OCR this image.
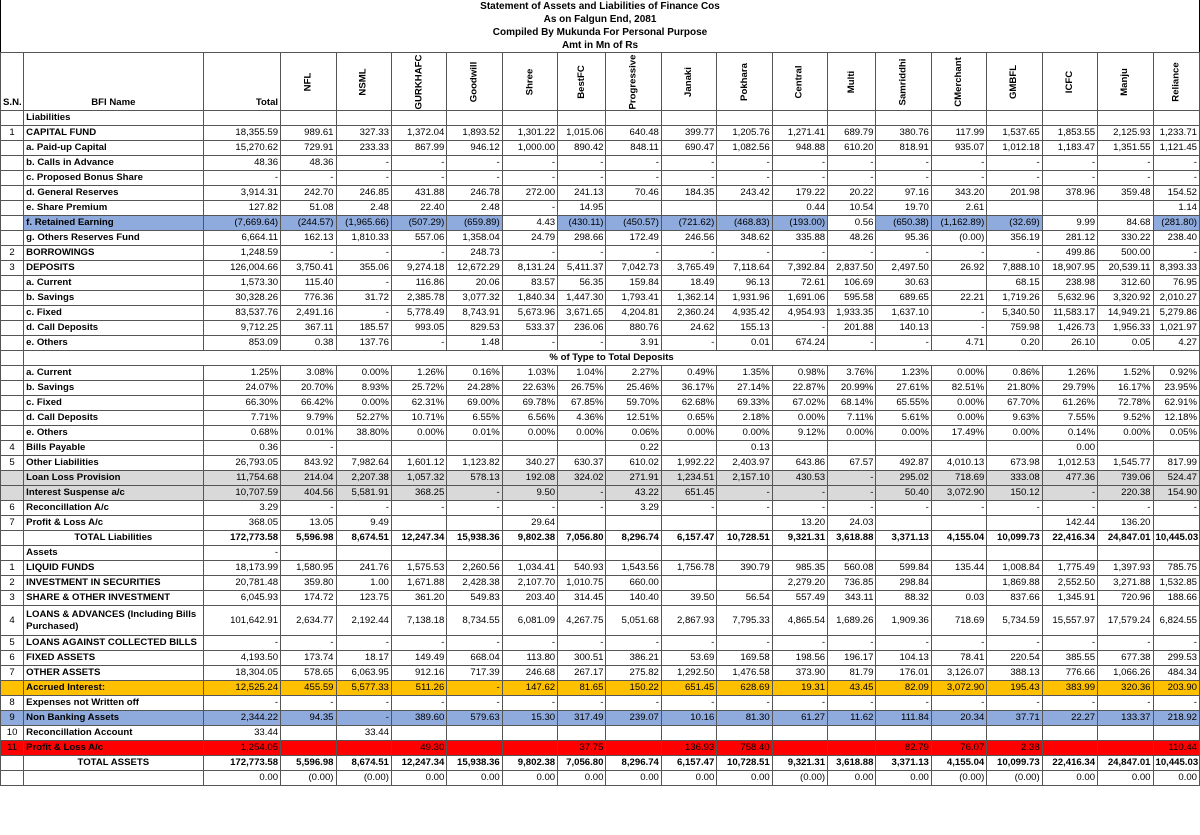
Statement of Assets and Liabilities of Finance Cos
As on Falgun End, 2081
Compiled By Mukunda For Personal Purpose
Amt in Mn of Rs
S.N.	BFI Name	Total	NFL	NSML	GURKHAFC	Goodwill	Shree	BestFC	Progressive	Janaki	Pokhara	Central	Multi	Samriddhi	CMerchant	GMBFL	ICFC	Manju	Reliance
	Liabilities																		
1	CAPITAL FUND	18,355.59	989.61	327.33	1,372.04	1,893.52	1,301.22	1,015.06	640.48	399.77	1,205.76	1,271.41	689.79	380.76	117.99	1,537.65	1,853.55	2,125.93	1,233.71
	a. Paid-up Capital	15,270.62	729.91	233.33	867.99	946.12	1,000.00	890.42	848.11	690.47	1,082.56	948.88	610.20	818.91	935.07	1,012.18	1,183.47	1,351.55	1,121.45
	b. Calls in Advance	48.36	48.36	-	-	-	-	-	-	-	-	-	-	-	-	-	-	-	-
	c. Proposed Bonus Share	-	-	-	-	-	-	-	-	-	-	-	-	-	-	-	-	-	-
	d. General Reserves	3,914.31	242.70	246.85	431.88	246.78	272.00	241.13	70.46	184.35	243.42	179.22	20.22	97.16	343.20	201.98	378.96	359.48	154.52
	e. Share Premium	127.82	51.08	2.48	22.40	2.48	-	14.95				0.44	10.54	19.70	2.61				1.14
	f. Retained Earning	(7,669.64)	(244.57)	(1,965.66)	(507.29)	(659.89)	4.43	(430.11)	(450.57)	(721.62)	(468.83)	(193.00)	0.56	(650.38)	(1,162.89)	(32.69)	9.99	84.68	(281.80)
	g. Others Reserves Fund	6,664.11	162.13	1,810.33	557.06	1,358.04	24.79	298.66	172.49	246.56	348.62	335.88	48.26	95.36	(0.00)	356.19	281.12	330.22	238.40
2	BORROWINGS	1,248.59	-	-	-	248.73	-	-	-	-	-	-	-	-	-	-	499.86	500.00	-
3	DEPOSITS	126,004.66	3,750.41	355.06	9,274.18	12,672.29	8,131.24	5,411.37	7,042.73	3,765.49	7,118.64	7,392.84	2,837.50	2,497.50	26.92	7,888.10	18,907.95	20,539.11	8,393.33
	a. Current	1,573.30	115.40	-	116.86	20.06	83.57	56.35	159.84	18.49	96.13	72.61	106.69	30.63		68.15	238.98	312.60	76.95
	b. Savings	30,328.26	776.36	31.72	2,385.78	3,077.32	1,840.34	1,447.30	1,793.41	1,362.14	1,931.96	1,691.06	595.58	689.65	22.21	1,719.26	5,632.96	3,320.92	2,010.27
	c. Fixed	83,537.76	2,491.16	-	5,778.49	8,743.91	5,673.96	3,671.65	4,204.81	2,360.24	4,935.42	4,954.93	1,933.35	1,637.10	-	5,340.50	11,583.17	14,949.21	5,279.86
	d. Call Deposits	9,712.25	367.11	185.57	993.05	829.53	533.37	236.06	880.76	24.62	155.13	-	201.88	140.13	-	759.98	1,426.73	1,956.33	1,021.97
	e. Others	853.09	0.38	137.76	-	1.48	-	-	3.91	-	0.01	674.24	-	-	4.71	0.20	26.10	0.05	4.27
	% of Type to Total Deposits																		
	a. Current	1.25%	3.08%	0.00%	1.26%	0.16%	1.03%	1.04%	2.27%	0.49%	1.35%	0.98%	3.76%	1.23%	0.00%	0.86%	1.26%	1.52%	0.92%
	b. Savings	24.07%	20.70%	8.93%	25.72%	24.28%	22.63%	26.75%	25.46%	36.17%	27.14%	22.87%	20.99%	27.61%	82.51%	21.80%	29.79%	16.17%	23.95%
	c. Fixed	66.30%	66.42%	0.00%	62.31%	69.00%	69.78%	67.85%	59.70%	62.68%	69.33%	67.02%	68.14%	65.55%	0.00%	67.70%	61.26%	72.78%	62.91%
	d. Call Deposits	7.71%	9.79%	52.27%	10.71%	6.55%	6.56%	4.36%	12.51%	0.65%	2.18%	0.00%	7.11%	5.61%	0.00%	9.63%	7.55%	9.52%	12.18%
	e. Others	0.68%	0.01%	38.80%	0.00%	0.01%	0.00%	0.00%	0.06%	0.00%	0.00%	9.12%	0.00%	0.00%	17.49%	0.00%	0.14%	0.00%	0.05%
4	Bills Payable	0.36	-						0.22		0.13						0.00		
5	Other Liabilities	26,793.05	843.92	7,982.64	1,601.12	1,123.82	340.27	630.37	610.02	1,992.22	2,403.97	643.86	67.57	492.87	4,010.13	673.98	1,012.53	1,545.77	817.99
	Loan Loss Provision	11,754.68	214.04	2,207.38	1,057.32	578.13	192.08	324.02	271.91	1,234.51	2,157.10	430.53	-	295.02	718.69	333.08	477.36	739.06	524.47
	Interest Suspense a/c	10,707.59	404.56	5,581.91	368.25	-	9.50	-	43.22	651.45	-	-	-	50.40	3,072.90	150.12	-	220.38	154.90
6	Reconcillation A/c	3.29	-	-	-	-	-	-	3.29	-	-	-	-	-	-	-	-	-	-
7	Profit & Loss A/c	368.05	13.05	9.49			29.64					13.20	24.03				142.44	136.20	
	TOTAL Liabilities	172,773.58	5,596.98	8,674.51	12,247.34	15,938.36	9,802.38	7,056.80	8,296.74	6,157.47	10,728.51	9,321.31	3,618.88	3,371.13	4,155.04	10,099.73	22,416.34	24,847.01	10,445.03
	Assets	-																	
1	LIQUID FUNDS	18,173.99	1,580.95	241.76	1,575.53	2,260.56	1,034.41	540.93	1,543.56	1,756.78	390.79	985.35	560.08	599.84	135.44	1,008.84	1,775.49	1,397.93	785.75
2	INVESTMENT IN SECURITIES	20,781.48	359.80	1.00	1,671.88	2,428.38	2,107.70	1,010.75	660.00			2,279.20	736.85	298.84		1,869.88	2,552.50	3,271.88	1,532.85
3	SHARE & OTHER INVESTMENT	6,045.93	174.72	123.75	361.20	549.83	203.40	314.45	140.40	39.50	56.54	557.49	343.11	88.32	0.03	837.66	1,345.91	720.96	188.66
4	LOANS & ADVANCES (Including Bills Purchased)	101,642.91	2,634.77	2,192.44	7,138.18	8,734.55	6,081.09	4,267.75	5,051.68	2,867.93	7,795.33	4,865.54	1,689.26	1,909.36	718.69	5,734.59	15,557.97	17,579.24	6,824.55
5	LOANS AGAINST COLLECTED BILLS	-	-	-	-	-	-	-	-	-	-	-	-	-	-	-	-	-	-
6	FIXED ASSETS	4,193.50	173.74	18.17	149.49	668.04	113.80	300.51	386.21	53.69	169.58	198.56	196.17	104.13	78.41	220.54	385.55	677.38	299.53
7	OTHER ASSETS	18,304.05	578.65	6,063.95	912.16	717.39	246.68	267.17	275.82	1,292.50	1,476.58	373.90	81.79	176.01	3,126.07	388.13	776.66	1,066.26	484.34
	Accrued Interest:	12,525.24	455.59	5,577.33	511.26	-	147.62	81.65	150.22	651.45	628.69	19.31	43.45	82.09	3,072.90	195.43	383.99	320.36	203.90
8	Expenses not Written off	-	-	-	-	-	-	-	-	-	-	-	-	-	-	-	-	-	-
9	Non Banking Assets	2,344.22	94.35	-	389.60	579.63	15.30	317.49	239.07	10.16	81.30	61.27	11.62	111.84	20.34	37.71	22.27	133.37	218.92
10	Reconcillation Account	33.44		33.44															
11	Profit & Loss A/c	1,254.05			49.30			37.75		136.93	758.40			82.79	76.07	2.38			110.44
	TOTAL ASSETS	172,773.58	5,596.98	8,674.51	12,247.34	15,938.36	9,802.38	7,056.80	8,296.74	6,157.47	10,728.51	9,321.31	3,618.88	3,371.13	4,155.04	10,099.73	22,416.34	24,847.01	10,445.03
		0.00	(0.00)	(0.00)	0.00	0.00	0.00	0.00	0.00	0.00	0.00	(0.00)	0.00	0.00	(0.00)	(0.00)	0.00	0.00	0.00
